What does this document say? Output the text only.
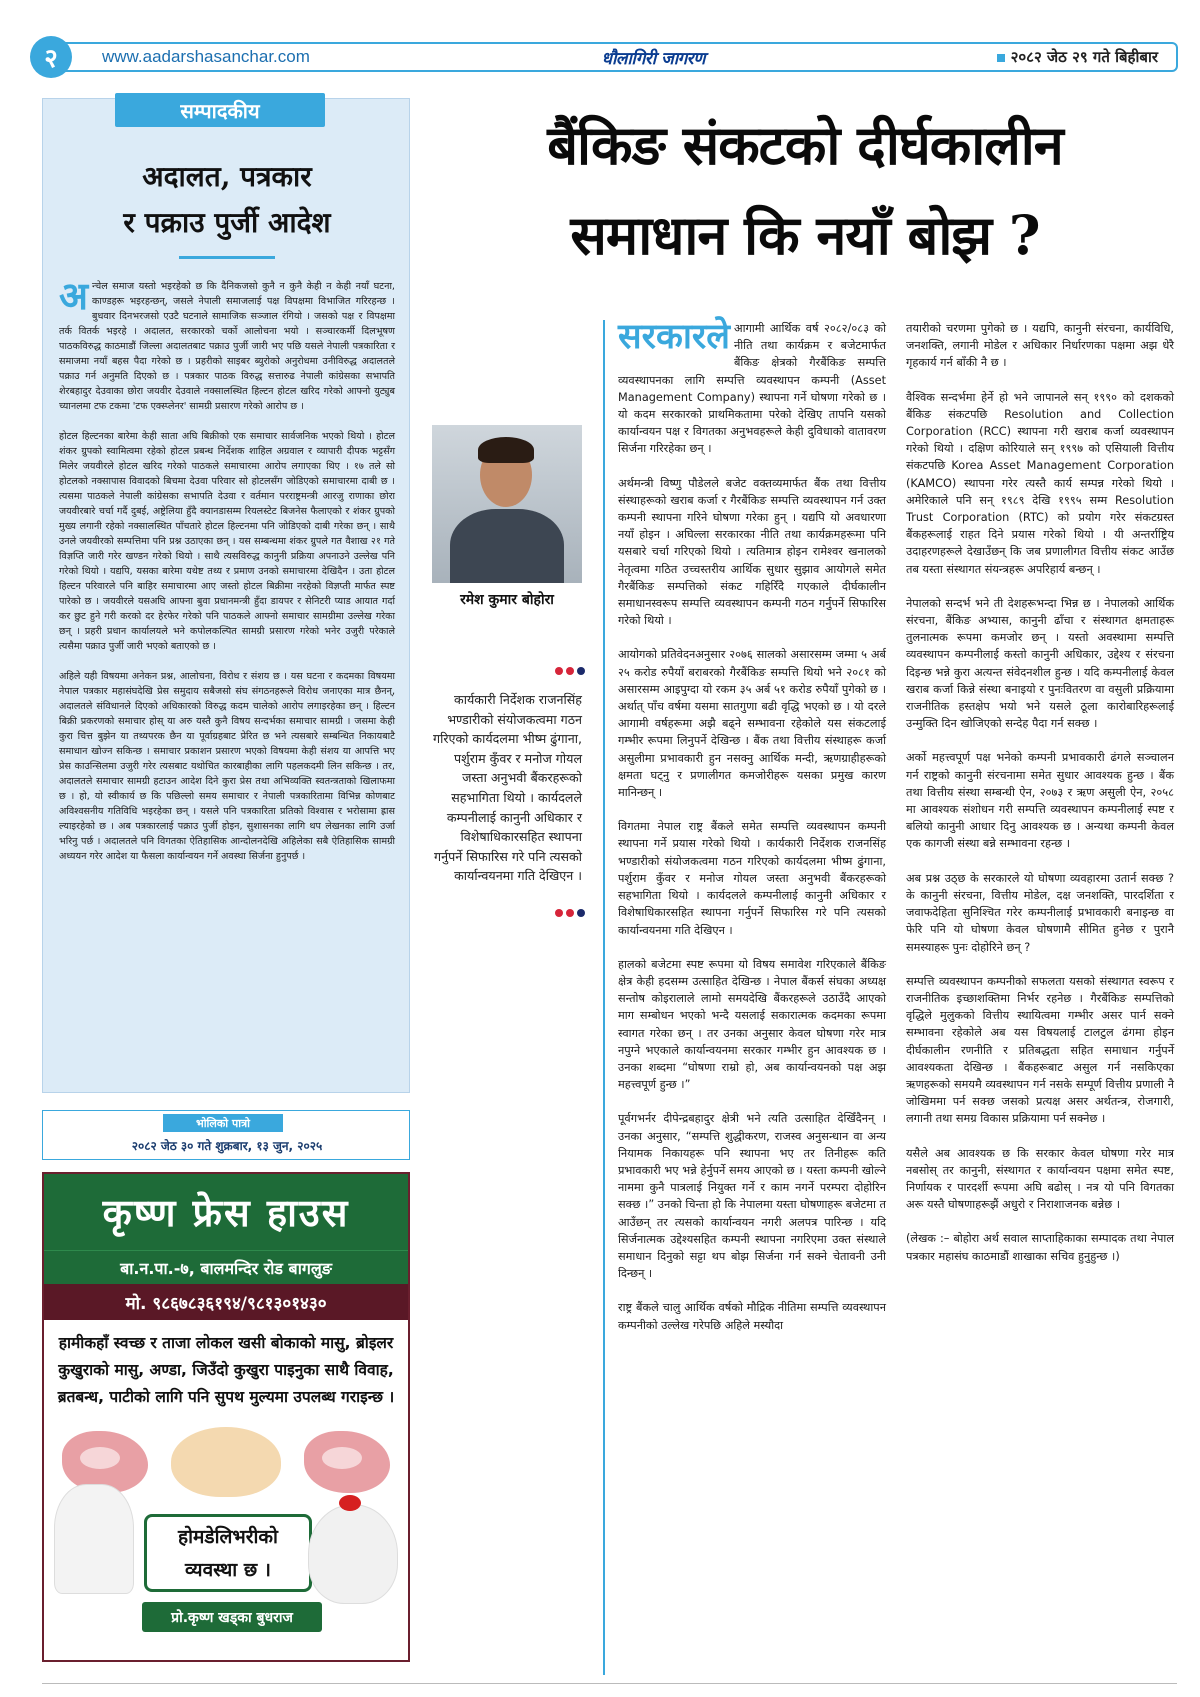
२	www.aadarshasanchar.com	धौलागिरी जागरण	२०८२ जेठ २९ गते बिहीबार
सम्पादकीय
अदालत, पत्रकार
र पक्राउ पुर्जी आदेश

अन्चेल समाज यस्तो भइरहेको छ कि दैनिकजसो कुनै न कुनै केही न केही नयाँ घटना, काण्डहरू भइरहन्छन्, जसले नेपाली समाजलाई पक्ष विपक्षमा विभाजित गरिरहन्छ । बुधवार दिनभरजसो एउटै घटनाले सामाजिक सञ्जाल रंगियो । जसको पक्ष र विपक्षमा तर्क वितर्क भइरहे । अदालत, सरकारको चर्को आलोचना भयो । सञ्चारकर्मी दिलभूषण पाठकविरुद्ध काठमाडौं जिल्ला अदालतबाट पक्राउ पुर्जी जारी भए पछि यसले नेपाली पत्रकारिता र समाजमा नयाँ बहस पैदा गरेको छ । प्रहरीको साइबर ब्युरोको अनुरोधमा उनीविरुद्ध अदालतले पक्राउ गर्न अनुमति दिएको छ । पत्रकार पाठक विरुद्ध सत्तारुढ नेपाली कांग्रेसका सभापति शेरबहादुर देउवाका छोरा जयवीर देउवाले नक्सालस्थित हिल्टन होटल खरिद गरेको आफ्नो युट्युब च्यानलमा टफ टकमा 'टफ एक्स्प्लेनर' सामग्री प्रसारण गरेको आरोप छ ।

होटल हिल्टनका बारेमा केही साता अघि बिक्रीको एक समाचार सार्वजनिक भएको थियो । होटल शंकर ग्रुपको स्वामित्वमा रहेको होटल प्रबन्ध निर्देशक शाहिल अग्रवाल र व्यापारी दीपक भट्टसँग मिलेर जयवीरले होटल खरिद गरेको पाठकले समाचारमा आरोप लगाएका थिए । १७ तले सो होटलको नक्सापास विवादको बिचमा देउवा परिवार सो होटलसँग जोडिएको समाचारमा दाबी छ । त्यसमा पाठकले नेपाली कांग्रेसका सभापति देउवा र वर्तमान परराष्ट्रमन्त्री आरजु राणाका छोरा जयवीरबारे चर्चा गर्दै दुबई, अष्ट्रेलिया हुँदै क्यानडासम्म रियलस्टेट बिजनेस फैलाएको र शंकर ग्रुपको मुख्य लगानी रहेको नक्सालस्थित पाँचतारे होटल हिल्टनमा पनि जोडिएको दाबी गरेका छन् । साथै उनले जयवीरको सम्पत्तिमा पनि प्रश्न उठाएका छन् । यस सम्बन्धमा शंकर ग्रुपले गत वैशाख २१ गते विज्ञप्ति जारी गरेर खण्डन गरेको थियो । साथै त्यसविरुद्ध कानुनी प्रक्रिया अपनाउने उल्लेख पनि गरेको थियो । यद्यपि, यसका बारेमा यथेष्ट तथ्य र प्रमाण उनको समाचारमा देखिदैन । उता होटल हिल्टन परिवारले पनि बाहिर समाचारमा आए जस्तो होटल बिक्रीमा नरहेको विज्ञप्ती मार्फत स्पष्ट पारेको छ । जयवीरले यसअघि आफ्ना बुवा प्रधानमन्त्री हुँदा डायपर र सेनिटरी प्याड आयात गर्दा कर छुट हुने गरी करको दर हेरफेर गरेको पनि पाठकले आफ्नो समाचार सामग्रीमा उल्लेख गरेका छन् । प्रहरी प्रधान कार्यालयले भने कपोलकल्पित सामग्री प्रसारण गरेको भनेर उजुरी परेकाले त्यसैमा पक्राउ पुर्जी जारी भएको बताएको छ ।

अहिले यही विषयमा अनेकन प्रश्न, आलोचना, विरोध र संशय छ । यस घटना र कदमका विषयमा नेपाल पत्रकार महासंघदेखि प्रेस समुदाय सबैजसो संघ संगठनहरूले विरोध जनाएका मात्र छैनन्, अदालतले संविधानले दिएको अधिकारको विरुद्ध कदम चालेको आरोप लगाइरहेका छन् । हिल्टन बिक्री प्रकरणको समाचार होस् या अरु यस्तै कुनै विषय सन्दर्भका समाचार सामग्री । जसमा केही कुरा चित्त बुझेन या तथ्यपरक छैन या पूर्वाग्रहबाट प्रेरित छ भने त्यसबारे सम्बन्धित निकायबाटै समाधान खोज्न सकिन्छ । समाचार प्रकाशन प्रसारण भएको विषयमा केही संशय या आपत्ति भए प्रेस काउन्सिलमा उजुरी गरेर त्यसबाट यथोचित कारबाहीका लागि पहलकदमी लिन सकिन्छ । तर, अदालतले समाचार सामग्री हटाउन आदेश दिने कुरा प्रेस तथा अभिव्यक्ति स्वतन्त्रताको खिलाफमा छ । हो, यो स्वीकार्य छ कि पछिल्लो समय समाचार र नेपाली पत्रकारितामा विभिन्न कोणबाट अविश्वसनीय गतिविधि भइरहेका छन् । यसले पनि पत्रकारिता प्रतिको विश्वास र भरोसामा ह्रास ल्याइरहेको छ । अब पत्रकारलाई पक्राउ पुर्जी होइन, सुशासनका लागि थप लेखनका लागि उर्जा भरिनु पर्छ । अदालतले पनि विगतका ऐतिहासिक आन्दोलनदेखि अहिलेका सबै ऐतिहासिक सामग्री अध्ययन गरेर आदेश या फैसला कार्यान्वयन गर्ने अवस्था सिर्जना हुनुपर्छ ।

भोलिको पात्रो
२०८२ जेठ ३० गते शुक्रबार, १३ जुन, २०२५
कृष्ण फ्रेस हाउस
बा.न.पा.-७, बालमन्दिर रोड बागलुङ
मो. ९८६७८३६१९४/९८१३०१४३०
हामीकहाँ स्वच्छ र ताजा लोकल खसी बोकाको मासु, ब्रोइलर कुखुराको मासु, अण्डा, जिउँदो कुखुरा पाइनुका साथै विवाह, ब्रतबन्ध, पाटीको लागि पनि सुपथ मुल्यमा उपलब्ध गराइन्छ ।
होमडेलिभरीको
व्यवस्था छ ।
प्रो.कृष्ण खड्का बुधराज
बैंकिङ संकटको दीर्घकालीन
समाधान कि नयाँ बोझ ?
रमेश कुमार बोहोरा
कार्यकारी निर्देशक राजनसिंह भण्डारीको संयोजकत्वमा गठन गरिएको कार्यदलमा भीष्म ढुंगाना, पर्शुराम कुँवर र मनोज गोयल जस्ता अनुभवी बैंकरहरूको सहभागिता थियो । कार्यदलले कम्पनीलाई कानुनी अधिकार र विशेषाधिकारसहित स्थापना गर्नुपर्ने सिफारिस गरे पनि त्यसको कार्यान्वयनमा गति देखिएन ।

सरकारले आगामी आर्थिक वर्ष २०८२/०८३ को नीति तथा कार्यक्रम र बजेटमार्फत बैंकिङ क्षेत्रको गैरबैंकिङ सम्पत्ति व्यवस्थापनका लागि सम्पत्ति व्यवस्थापन कम्पनी (Asset Management Company) स्थापना गर्ने घोषणा गरेको छ । यो कदम सरकारको प्राथमिकतामा परेको देखिए तापनि यसको कार्यान्वयन पक्ष र विगतका अनुभवहरूले केही दुविधाको वातावरण सिर्जना गरिरहेका छन् ।

अर्थमन्त्री विष्णु पौडेलले बजेट वक्तव्यमार्फत बैंक तथा वित्तीय संस्थाहरूको खराब कर्जा र गैरबैंकिङ सम्पत्ति व्यवस्थापन गर्न उक्त कम्पनी स्थापना गरिने घोषणा गरेका हुन् । यद्यपि यो अवधारणा नयाँ होइन । अघिल्ला सरकारका नीति तथा कार्यक्रमहरूमा पनि यसबारे चर्चा गरिएको थियो । त्यतिमात्र होइन रामेश्वर खनालको नेतृत्वमा गठित उच्चस्तरीय आर्थिक सुधार सुझाव आयोगले समेत गैरबैंकिङ सम्पत्तिको संकट गहिरिँदै गएकाले दीर्घकालीन समाधानस्वरूप सम्पत्ति व्यवस्थापन कम्पनी गठन गर्नुपर्ने सिफारिस गरेको थियो ।

आयोगको प्रतिवेदनअनुसार २०७६ सालको असारसम्म जम्मा ५ अर्ब २५ करोड रुपैयाँ बराबरको गैरबैंकिङ सम्पत्ति थियो भने २०८१ को असारसम्म आइपुग्दा यो रकम ३५ अर्ब ५१ करोड रुपैयाँ पुगेको छ । अर्थात् पाँच वर्षमा यसमा सातगुणा बढी वृद्धि भएको छ । यो दरले आगामी वर्षहरूमा अझै बढ्ने सम्भावना रहेकोले यस संकटलाई गम्भीर रूपमा लिनुपर्ने देखिन्छ । बैंक तथा वित्तीय संस्थाहरू कर्जा असुलीमा प्रभावकारी हुन नसक्नु आर्थिक मन्दी, ऋणग्राहीहरूको क्षमता घट्नु र प्रणालीगत कमजोरीहरू यसका प्रमुख कारण मानिन्छन् ।

विगतमा नेपाल राष्ट्र बैंकले समेत सम्पत्ति व्यवस्थापन कम्पनी स्थापना गर्ने प्रयास गरेको थियो । कार्यकारी निर्देशक राजनसिंह भण्डारीको संयोजकत्वमा गठन गरिएको कार्यदलमा भीष्म ढुंगाना, पर्शुराम कुँवर र मनोज गोयल जस्ता अनुभवी बैंकरहरूको सहभागिता थियो । कार्यदलले कम्पनीलाई कानुनी अधिकार र विशेषाधिकारसहित स्थापना गर्नुपर्ने सिफारिस गरे पनि त्यसको कार्यान्वयनमा गति देखिएन ।

हालको बजेटमा स्पष्ट रूपमा यो विषय समावेश गरिएकाले बैंकिङ क्षेत्र केही हदसम्म उत्साहित देखिन्छ । नेपाल बैंकर्स संघका अध्यक्ष सन्तोष कोइरालाले लामो समयदेखि बैंकरहरूले उठाउँदै आएको माग सम्बोधन भएको भन्दै यसलाई सकारात्मक कदमका रूपमा स्वागत गरेका छन् । तर उनका अनुसार केवल घोषणा गरेर मात्र नपुग्ने भएकाले कार्यान्वयनमा सरकार गम्भीर हुन आवश्यक छ । उनका शब्दमा “घोषणा राम्रो हो, अब कार्यान्वयनको पक्ष अझ महत्त्वपूर्ण हुन्छ ।”

पूर्वगभर्नर दीपेन्द्रबहादुर क्षेत्री भने त्यति उत्साहित देखिँदैनन् । उनका अनुसार, “सम्पत्ति शुद्धीकरण, राजस्व अनुसन्धान वा अन्य नियामक निकायहरू पनि स्थापना भए तर तिनीहरू कति प्रभावकारी भए भन्ने हेर्नुपर्ने समय आएको छ । यस्ता कम्पनी खोल्ने नाममा कुनै पात्रलाई नियुक्त गर्ने र काम नगर्ने परम्परा दोहोरिन सक्छ ।” उनको चिन्ता हो कि नेपालमा यस्ता घोषणाहरू बजेटमा त आउँछन् तर त्यसको कार्यान्वयन नगरी अलपत्र पारिन्छ । यदि सिर्जनात्मक उद्देश्यसहित कम्पनी स्थापना नगरिएमा उक्त संस्थाले समाधान दिनुको सट्टा थप बोझ सिर्जना गर्न सक्ने चेतावनी उनी दिन्छन् ।

राष्ट्र बैंकले चालु आर्थिक वर्षको मौद्रिक नीतिमा सम्पत्ति व्यवस्थापन कम्पनीको उल्लेख गरेपछि अहिले मस्यौदा

तयारीको चरणमा पुगेको छ । यद्यपि, कानुनी संरचना, कार्यविधि, जनशक्ति, लगानी मोडेल र अधिकार निर्धारणका पक्षमा अझ धेरै गृहकार्य गर्न बाँकी नै छ ।

वैश्विक सन्दर्भमा हेर्ने हो भने जापानले सन् १९९० को दशकको बैंकिङ संकटपछि Resolution and Collection Corporation (RCC) स्थापना गरी खराब कर्जा व्यवस्थापन गरेको थियो । दक्षिण कोरियाले सन् १९९७ को एसियाली वित्तीय संकटपछि Korea Asset Management Corporation (KAMCO) स्थापना गरेर त्यस्तै कार्य सम्पन्न गरेको थियो । अमेरिकाले पनि सन् १९८९ देखि १९९५ सम्म Resolution Trust Corporation (RTC) को प्रयोग गरेर संकटग्रस्त बैंकहरूलाई राहत दिने प्रयास गरेको थियो । यी अन्तर्राष्ट्रिय उदाहरणहरूले देखाउँछन् कि जब प्रणालीगत वित्तीय संकट आउँछ तब यस्ता संस्थागत संयन्त्रहरू अपरिहार्य बन्छन् ।

नेपालको सन्दर्भ भने ती देशहरूभन्दा भिन्न छ । नेपालको आर्थिक संरचना, बैंकिङ अभ्यास, कानुनी ढाँचा र संस्थागत क्षमताहरू तुलनात्मक रूपमा कमजोर छन् । यस्तो अवस्थामा सम्पत्ति व्यवस्थापन कम्पनीलाई कस्तो कानुनी अधिकार, उद्देश्य र संरचना दिइन्छ भन्ने कुरा अत्यन्त संवेदनशील हुन्छ । यदि कम्पनीलाई केवल खराब कर्जा किन्ने संस्था बनाइयो र पुनःवितरण वा वसुली प्रक्रियामा राजनीतिक हस्तक्षेप भयो भने यसले ठूला कारोबारिहरूलाई उन्मुक्ति दिन खोजिएको सन्देह पैदा गर्न सक्छ ।

अर्को महत्त्वपूर्ण पक्ष भनेको कम्पनी प्रभावकारी ढंगले सञ्चालन गर्न राष्ट्रको कानुनी संरचनामा समेत सुधार आवश्यक हुन्छ । बैंक तथा वित्तीय संस्था सम्बन्धी ऐन, २०७३ र ऋण असुली ऐन, २०५८ मा आवश्यक संशोधन गरी सम्पत्ति व्यवस्थापन कम्पनीलाई स्पष्ट र बलियो कानुनी आधार दिनु आवश्यक छ । अन्यथा कम्पनी केवल एक कागजी संस्था बन्ने सम्भावना रहन्छ ।

अब प्रश्न उठ्छ के सरकारले यो घोषणा व्यवहारमा उतार्न सक्छ ? के कानुनी संरचना, वित्तीय मोडेल, दक्ष जनशक्ति, पारदर्शिता र जवाफदेहिता सुनिश्चित गरेर कम्पनीलाई प्रभावकारी बनाइन्छ वा फेरि पनि यो घोषणा केवल घोषणामै सीमित हुनेछ र पुरानै समस्याहरू पुनः दोहोरिने छन् ?

सम्पत्ति व्यवस्थापन कम्पनीको सफलता यसको संस्थागत स्वरूप र राजनीतिक इच्छाशक्तिमा निर्भर रहनेछ । गैरबैंकिङ सम्पत्तिको वृद्धिले मुलुकको वित्तीय स्थायित्वमा गम्भीर असर पार्न सक्ने सम्भावना रहेकोले अब यस विषयलाई टालटुल ढंगमा होइन दीर्घकालीन रणनीति र प्रतिबद्धता सहित समाधान गर्नुपर्ने आवश्यकता देखिन्छ । बैंकहरूबाट असुल गर्न नसकिएका ऋणहरूको समयमै व्यवस्थापन गर्न नसके सम्पूर्ण वित्तीय प्रणाली नै जोखिममा पर्न सक्छ जसको प्रत्यक्ष असर अर्थतन्त्र, रोजगारी, लगानी तथा समग्र विकास प्रक्रियामा पर्न सक्नेछ ।

यसैले अब आवश्यक छ कि सरकार केवल घोषणा गरेर मात्र नबसोस् तर कानुनी, संस्थागत र कार्यान्वयन पक्षमा समेत स्पष्ट, निर्णायक र पारदर्शी रूपमा अघि बढोस् । नत्र यो पनि विगतका अरू यस्तै घोषणाहरूझैं अधुरो र निराशाजनक बन्नेछ ।

(लेखक :– बोहोरा अर्थ सवाल साप्ताहिकाका सम्पादक तथा नेपाल पत्रकार महासंघ काठमाडौं शाखाका सचिव हुनुहुन्छ ।)
